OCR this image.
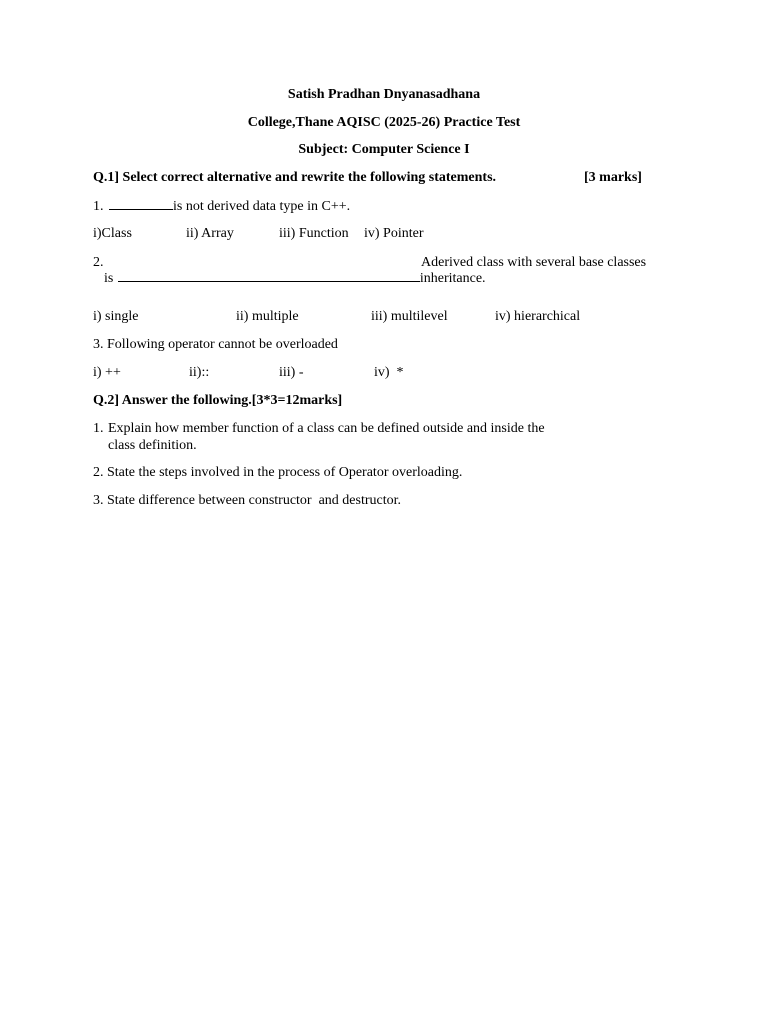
Satish Pradhan Dnyanasadhana
College,Thane AQISC (2025-26) Practice Test
Subject: Computer Science I
Q.1] Select correct alternative and rewrite the following statements.	[3 marks]
1.	is not derived data type in C++.
i)Class	ii) Array	iii) Function iv) Pointer
2.	Aderived class with several base classes
is	inheritance.
i) single	ii) multiple	iii) multilevel	iv) hierarchical
3. Following operator cannot be overloaded
i) ++	ii)::	iii) -	iv)  *
Q.2] Answer the following.[3*3=12marks]
1. Explain how member function of a class can be defined outside and inside the
class definition.
2. State the steps involved in the process of Operator overloading.
3. State difference between constructor  and destructor.
